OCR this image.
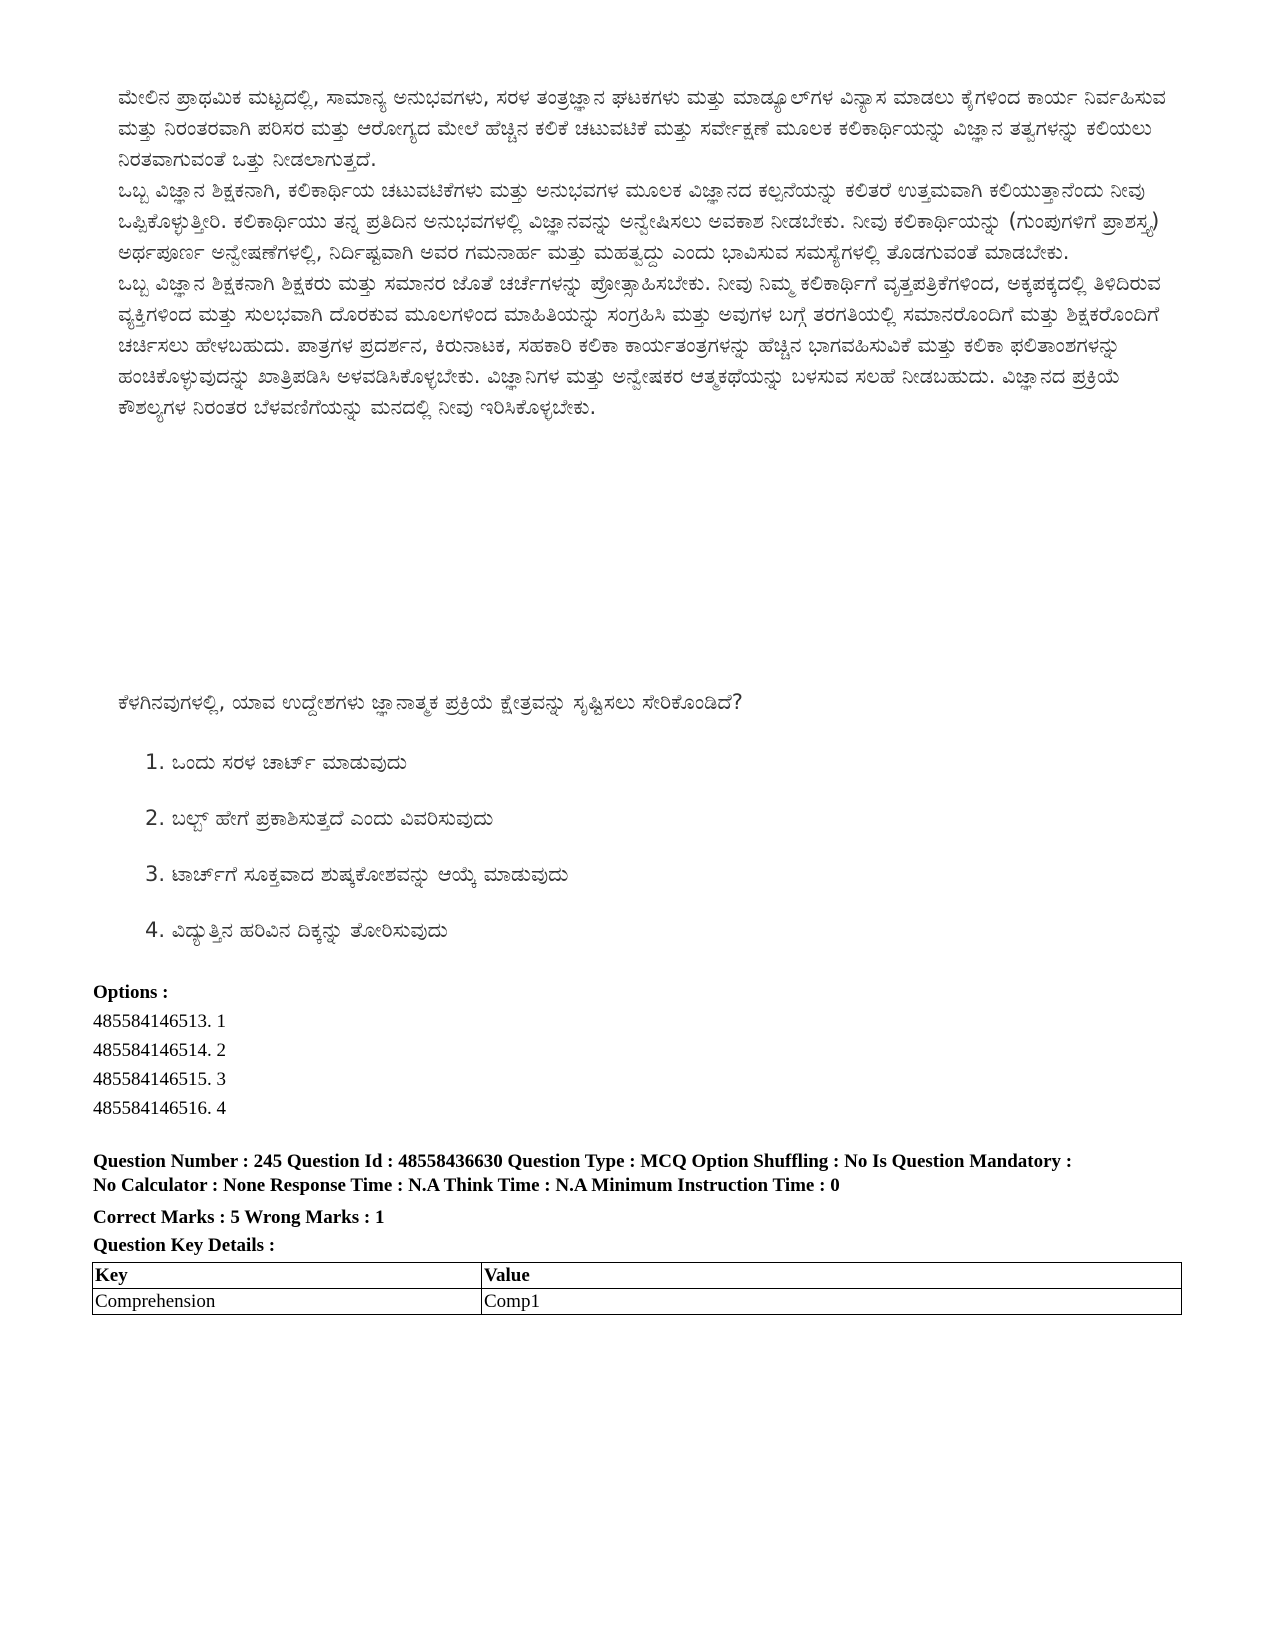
ಮೇಲಿನ ಪ್ರಾಥಮಿಕ ಮಟ್ಟದಲ್ಲಿ, ಸಾಮಾನ್ಯ ಅನುಭವಗಳು, ಸರಳ ತಂತ್ರಜ್ಞಾನ ಘಟಕಗಳು ಮತ್ತು ಮಾಡ್ಯೂಲ್‌ಗಳ ವಿನ್ಯಾಸ ಮಾಡಲು ಕೈಗಳಿಂದ ಕಾರ್ಯ ನಿರ್ವಹಿಸುವ ಮತ್ತು ನಿರಂತರವಾಗಿ ಪರಿಸರ ಮತ್ತು ಆರೋಗ್ಯದ ಮೇಲೆ ಹೆಚ್ಚಿನ ಕಲಿಕೆ ಚಟುವಟಿಕೆ ಮತ್ತು ಸರ್ವೇಕ್ಷಣೆ ಮೂಲಕ ಕಲಿಕಾರ್ಥಿಯನ್ನು ವಿಜ್ಞಾನ ತತ್ವಗಳನ್ನು ಕಲಿಯಲು ನಿರತವಾಗುವಂತೆ ಒತ್ತು ನೀಡಲಾಗುತ್ತದೆ.

ಒಬ್ಬ ವಿಜ್ಞಾನ ಶಿಕ್ಷಕನಾಗಿ, ಕಲಿಕಾರ್ಥಿಯ ಚಟುವಟಿಕೆಗಳು ಮತ್ತು ಅನುಭವಗಳ ಮೂಲಕ ವಿಜ್ಞಾನದ ಕಲ್ಪನೆಯನ್ನು ಕಲಿತರೆ ಉತ್ತಮವಾಗಿ ಕಲಿಯುತ್ತಾನೆಂದು ನೀವು ಒಪ್ಪಿಕೊಳ್ಳುತ್ತೀರಿ. ಕಲಿಕಾರ್ಥಿಯು ತನ್ನ ಪ್ರತಿದಿನ ಅನುಭವಗಳಲ್ಲಿ ವಿಜ್ಞಾನವನ್ನು ಅನ್ವೇಷಿಸಲು ಅವಕಾಶ ನೀಡಬೇಕು. ನೀವು ಕಲಿಕಾರ್ಥಿಯನ್ನು (ಗುಂಪುಗಳಿಗೆ ಪ್ರಾಶಸ್ತ್ಯ) ಅರ್ಥಪೂರ್ಣ ಅನ್ವೇಷಣೆಗಳಲ್ಲಿ, ನಿರ್ದಿಷ್ಟವಾಗಿ ಅವರ ಗಮನಾರ್ಹ ಮತ್ತು ಮಹತ್ವದ್ದು ಎಂದು ಭಾವಿಸುವ ಸಮಸ್ಯೆಗಳಲ್ಲಿ ತೊಡಗುವಂತೆ ಮಾಡಬೇಕು.

ಒಬ್ಬ ವಿಜ್ಞಾನ ಶಿಕ್ಷಕನಾಗಿ ಶಿಕ್ಷಕರು ಮತ್ತು ಸಮಾನರ ಜೊತೆ ಚರ್ಚೆಗಳನ್ನು ಪ್ರೋತ್ಸಾಹಿಸಬೇಕು. ನೀವು ನಿಮ್ಮ ಕಲಿಕಾರ್ಥಿಗೆ ವೃತ್ತಪತ್ರಿಕೆಗಳಿಂದ, ಅಕ್ಕಪಕ್ಕದಲ್ಲಿ ತಿಳಿದಿರುವ ವ್ಯಕ್ತಿಗಳಿಂದ ಮತ್ತು ಸುಲಭವಾಗಿ ದೊರಕುವ ಮೂಲಗಳಿಂದ ಮಾಹಿತಿಯನ್ನು ಸಂಗ್ರಹಿಸಿ ಮತ್ತು ಅವುಗಳ ಬಗ್ಗೆ ತರಗತಿಯಲ್ಲಿ ಸಮಾನರೊಂದಿಗೆ ಮತ್ತು ಶಿಕ್ಷಕರೊಂದಿಗೆ ಚರ್ಚಿಸಲು ಹೇಳಬಹುದು. ಪಾತ್ರಗಳ ಪ್ರದರ್ಶನ, ಕಿರುನಾಟಕ, ಸಹಕಾರಿ ಕಲಿಕಾ ಕಾರ್ಯತಂತ್ರಗಳನ್ನು ಹೆಚ್ಚಿನ ಭಾಗವಹಿಸುವಿಕೆ ಮತ್ತು ಕಲಿಕಾ ಫಲಿತಾಂಶಗಳನ್ನು ಹಂಚಿಕೊಳ್ಳುವುದನ್ನು ಖಾತ್ರಿಪಡಿಸಿ ಅಳವಡಿಸಿಕೊಳ್ಳಬೇಕು. ವಿಜ್ಞಾನಿಗಳ ಮತ್ತು ಅನ್ವೇಷಕರ ಆತ್ಮಕಥೆಯನ್ನು ಬಳಸುವ ಸಲಹೆ ನೀಡಬಹುದು. ವಿಜ್ಞಾನದ ಪ್ರಕ್ರಿಯೆ ಕೌಶಲ್ಯಗಳ ನಿರಂತರ ಬೆಳವಣಿಗೆಯನ್ನು ಮನದಲ್ಲಿ ನೀವು ಇರಿಸಿಕೊಳ್ಳಬೇಕು.

ಕೆಳಗಿನವುಗಳಲ್ಲಿ, ಯಾವ ಉದ್ದೇಶಗಳು ಜ್ಞಾನಾತ್ಮಕ ಪ್ರಕ್ರಿಯೆ ಕ್ಷೇತ್ರವನ್ನು ಸೃಷ್ಟಿಸಲು ಸೇರಿಕೊಂಡಿದೆ?

1. ಒಂದು ಸರಳ ಚಾರ್ಟ್ ಮಾಡುವುದು
2. ಬಲ್ಬ್ ಹೇಗೆ ಪ್ರಕಾಶಿಸುತ್ತದೆ ಎಂದು ವಿವರಿಸುವುದು
3. ಟಾರ್ಚ್‌ಗೆ ಸೂಕ್ತವಾದ ಶುಷ್ಕಕೋಶವನ್ನು ಆಯ್ಕೆ ಮಾಡುವುದು
4. ವಿದ್ಯುತ್ತಿನ ಹರಿವಿನ ದಿಕ್ಕನ್ನು ತೋರಿಸುವುದು
Options :
485584146513. 1
485584146514. 2
485584146515. 3
485584146516. 4

Question Number : 245 Question Id : 48558436630 Question Type : MCQ Option Shuffling : No Is Question Mandatory :

No Calculator : None Response Time : N.A Think Time : N.A Minimum Instruction Time : 0

Correct Marks : 5 Wrong Marks : 1

Question Key Details :

Key	Value
Comprehension	Comp1
